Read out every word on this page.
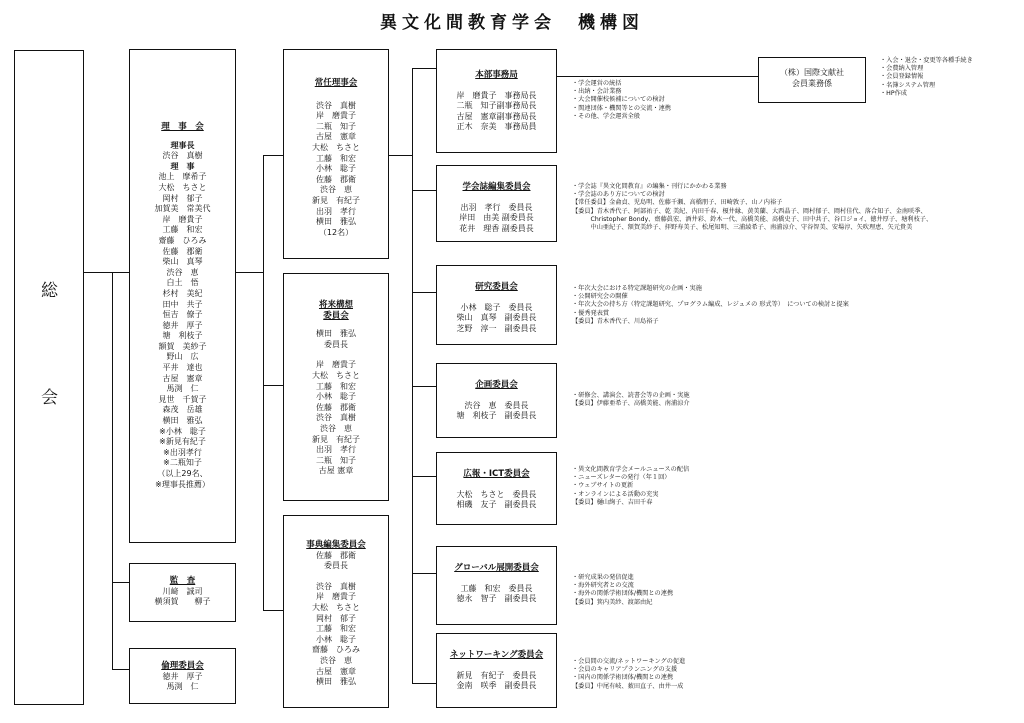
異文化間教育学会　機構図
総
会
理　事　会
理事長
渋谷　真樹
理　事
池上　摩希子
大松　ちさと
岡村　郁子
加賀美　常美代
岸　磨貴子
工藤　和宏
齋藤　ひろみ
佐藤　郡衛
柴山　真琴
渋谷　恵
白土　悟
杉村　美紀
田中　共子
恒吉　僚子
徳井　厚子
塘　利枝子
額賀　美紗子
野山　広
平井　達也
古屋　憲章
馬渕　仁
見世　千賀子
森茂　岳雄
横田　雅弘
※小林　聡子
※新見有紀子
※出羽孝行
※二瓶知子
（以上29名、
※理事長推薦）
監　査
川﨑　誠司
横須賀　　柳子
倫理委員会
徳井　厚子
馬渕　仁
常任理事会
渋谷　真樹
岸　磨貴子
二瓶　知子
古屋　憲章
大松　ちさと
工藤　和宏
小林　聡子
佐藤　郡衛
渋谷　恵
新見　有紀子
出羽　孝行
横田　雅弘
（12名）
将来構想
委員会
横田　雅弘
委員長
岸　磨貴子
大松　ちさと
工藤　和宏
小林　聡子
佐藤　郡衛
渋谷　真樹
渋谷　恵
新見　有紀子
出羽　孝行
二瓶　知子
古屋 憲章
事典編集委員会
佐藤　郡衛
委員長
渋谷　真樹
岸　磨貴子
大松　ちさと
岡村　郁子
工藤　和宏
小林　聡子
齋藤　ひろみ
渋谷　恵
古屋　憲章
横田　雅弘
本部事務局
岸　磨貴子　事務局長
二瓶　知子副事務局長
古屋　憲章副事務局長
正木　奈美　事務局員
・学会運営の統括
・出納・会計業務
・大会開催校候補についての検討
・関連団体・機関等との交流・連携
・その他、学会運営全般
学会誌編集委員会
出羽　孝行　委員長
岸田　由美 副委員長
花井　理香 副委員長
・学会誌『異文化間教育』の編集・刊行にかかわる業務
・学会誌のあり方についての検討
【常任委員】金侖貞、児島明、佐藤千瀬、高橋朋子、田崎敦子、山ノ内裕子
【委員】青木香代子、阿部祐子、乾 美紀、内田千春、榎井縁、黄美蘭、大西晶子、岡村郁子、岡村佳代、落合知子、金南咲季、
　　　Christopher Bondy、齋藤眞宏、酒井彩、鈴木一代、高橋美能、髙橋史子、田中共子、谷口ジョイ、徳井厚子、塘利枝子、
　　　中山亜紀子、額賀美紗子、拝野寿美子、松尾知明、三浦綾希子、南浦涼介、守谷智美、安場淳、矢吹理恵、矢元貴美
研究委員会
小林　聡子　委員長
柴山　真琴　副委員長
芝野　淳一　副委員長
・年次大会における特定課題研究の企画・実施
・公開研究会の開催
・年次大会の持ち方（特定課題研究、プログラム編成、レジュメの 形式等）　についての検討と提案
・優秀発表賞
【委員】青木香代子、川島裕子
企画委員会
渋谷　恵　委員長
塘　利枝子　副委員長
・研修会、講演会、読書会等の企画・実施
【委員】伊藤亜希子、高橋美能、南浦涼介
広報・ICT委員会
大松　ちさと　委員長
相磯　友子　副委員長
・異文化間教育学会メールニュースの配信
・ニューズレターの発行（年１回）
・ウェブサイトの更新
・オンラインによる活動の充実
【委員】樋山絢子、吉田千春
グローバル展開委員会
工藤　和宏　委員長
徳永　智子　副委員長
・研究成果の発信促進
・海外研究者との交流
・海外の関係学術団体/機関との連携
【委員】箕内美紗、渡部由紀
ネットワーキング委員会
新見　有紀子　委員長
金南　咲季　副委員長
・会員間の交流/ネットワーキングの促進
・会員のキャリアプランニングの支援
・国内の関係学術団体/機関との連携
【委員】中尾有岐、薮田直子、由井一成
（株）国際文献社
会員業務係
・入会・退会・変更等各種手続き
・会費納入管理
・会員登録情報
・名簿システム管理
・HP作成
